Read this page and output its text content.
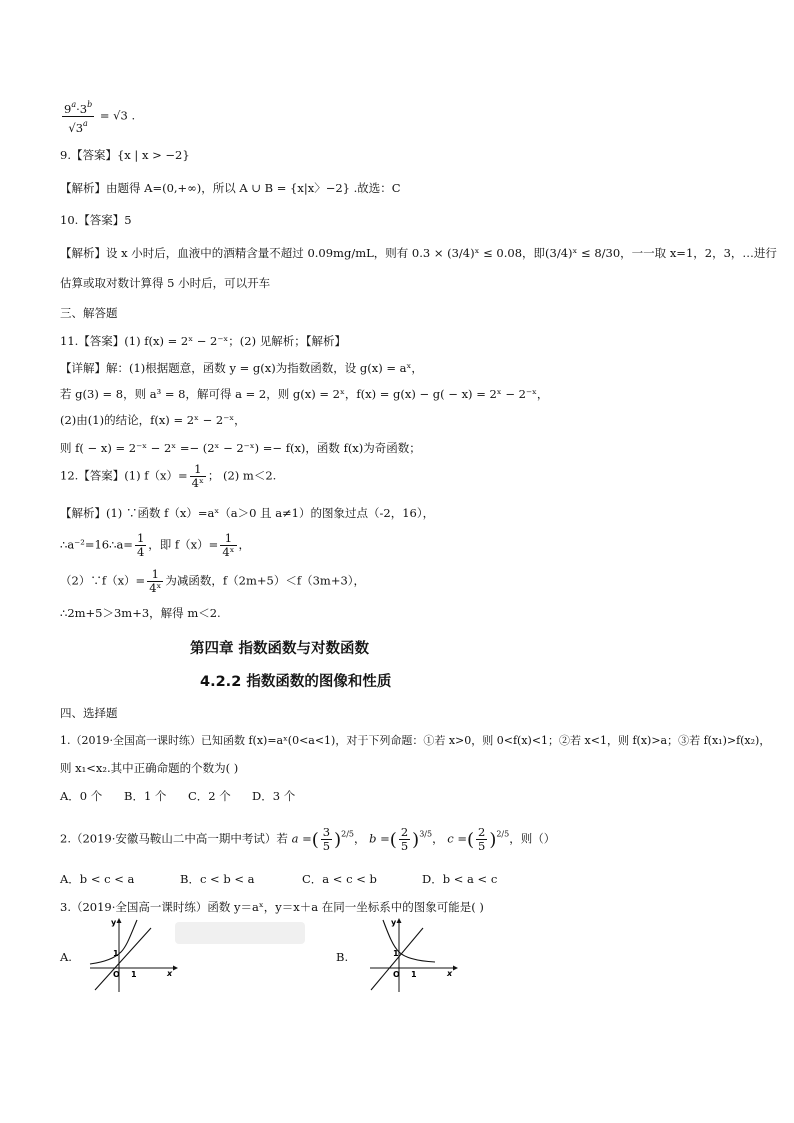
$\frac{9^a\cdot 3^b}{√3^a} = √3$ .
9.【答案】{x | x > −2}
【解析】由题得 A=(0,+∞)，所以 A ∪ B = {x|x〉−2} .故选：C
10.【答案】5
【解析】设 x 小时后，血液中的酒精含量不超过 0.09mg/mL，则有 0.3 × (3/4)ˣ ≤ 0.08，即(3/4)ˣ ≤ 8/30，一一取 x=1，2，3，…进行
估算或取对数计算得 5 小时后，可以开车
三、解答题
11.【答案】(1) f(x) = 2ˣ − 2⁻ˣ；(2) 见解析；【解析】
【详解】解：(1)根据题意，函数 y = g(x)为指数函数，设 g(x) = aˣ，
若 g(3) = 8，则 a³ = 8，解可得 a = 2，则 g(x) = 2ˣ，f(x) = g(x) − g( − x) = 2ˣ − 2⁻ˣ，
(2)由(1)的结论，f(x) = 2ˣ − 2⁻ˣ，
则 f( − x) = 2⁻ˣ − 2ˣ =− (2ˣ − 2⁻ˣ) =− f(x)，函数 f(x)为奇函数；
12.【答案】(1) $f(x)= \frac{1}{\text{4ˣ}}$ ； (2) m＜2.
【解析】(1) ∵函数 f（x）=aˣ（a＞0 且 a≠1）的图象过点（-2，16），
∴a⁻²=16∴a= $\frac{1}{4}$ ，即 $f(x)= \frac{1}{\text{4ˣ}}$ ，
（2）∵f（x）= $\frac{1}{\text{4ˣ}}$ 为减函数，f（2m+5）＜f（3m+3），
∴2m+5＞3m+3，解得 m＜2.
第四章 指数函数与对数函数
4.2.2 指数函数的图像和性质
四、选择题
1.（2019·全国高一课时练）已知函数 f(x)=aˣ(0<a<1)，对于下列命题：①若 x>0，则 0<f(x)<1；②若 x<1，则 f(x)>a；③若 f(x₁)>f(x₂)，
则 x₁<x₂.其中正确命题的个数为( )
A．0 个 B．1 个 C．2 个 D．3 个
2.（2019·安徽马鞍山二中高一期中考试）若 a =( $\frac{3}{5} )^{2/5}$， b =( $\frac{2}{5} )^{3/5}$， c =( $\frac{2}{5} )^{2/5}$，则（）
A．b < c < a	B．c < b < a	C．a < c < b	D．b < a < c
3.（2019·全国高一课时练）函数 y＝aˣ，y＝x＋a 在同一坐标系中的图象可能是( )
A.	B.
y
1
O 1	x
y
1
O 1	x
